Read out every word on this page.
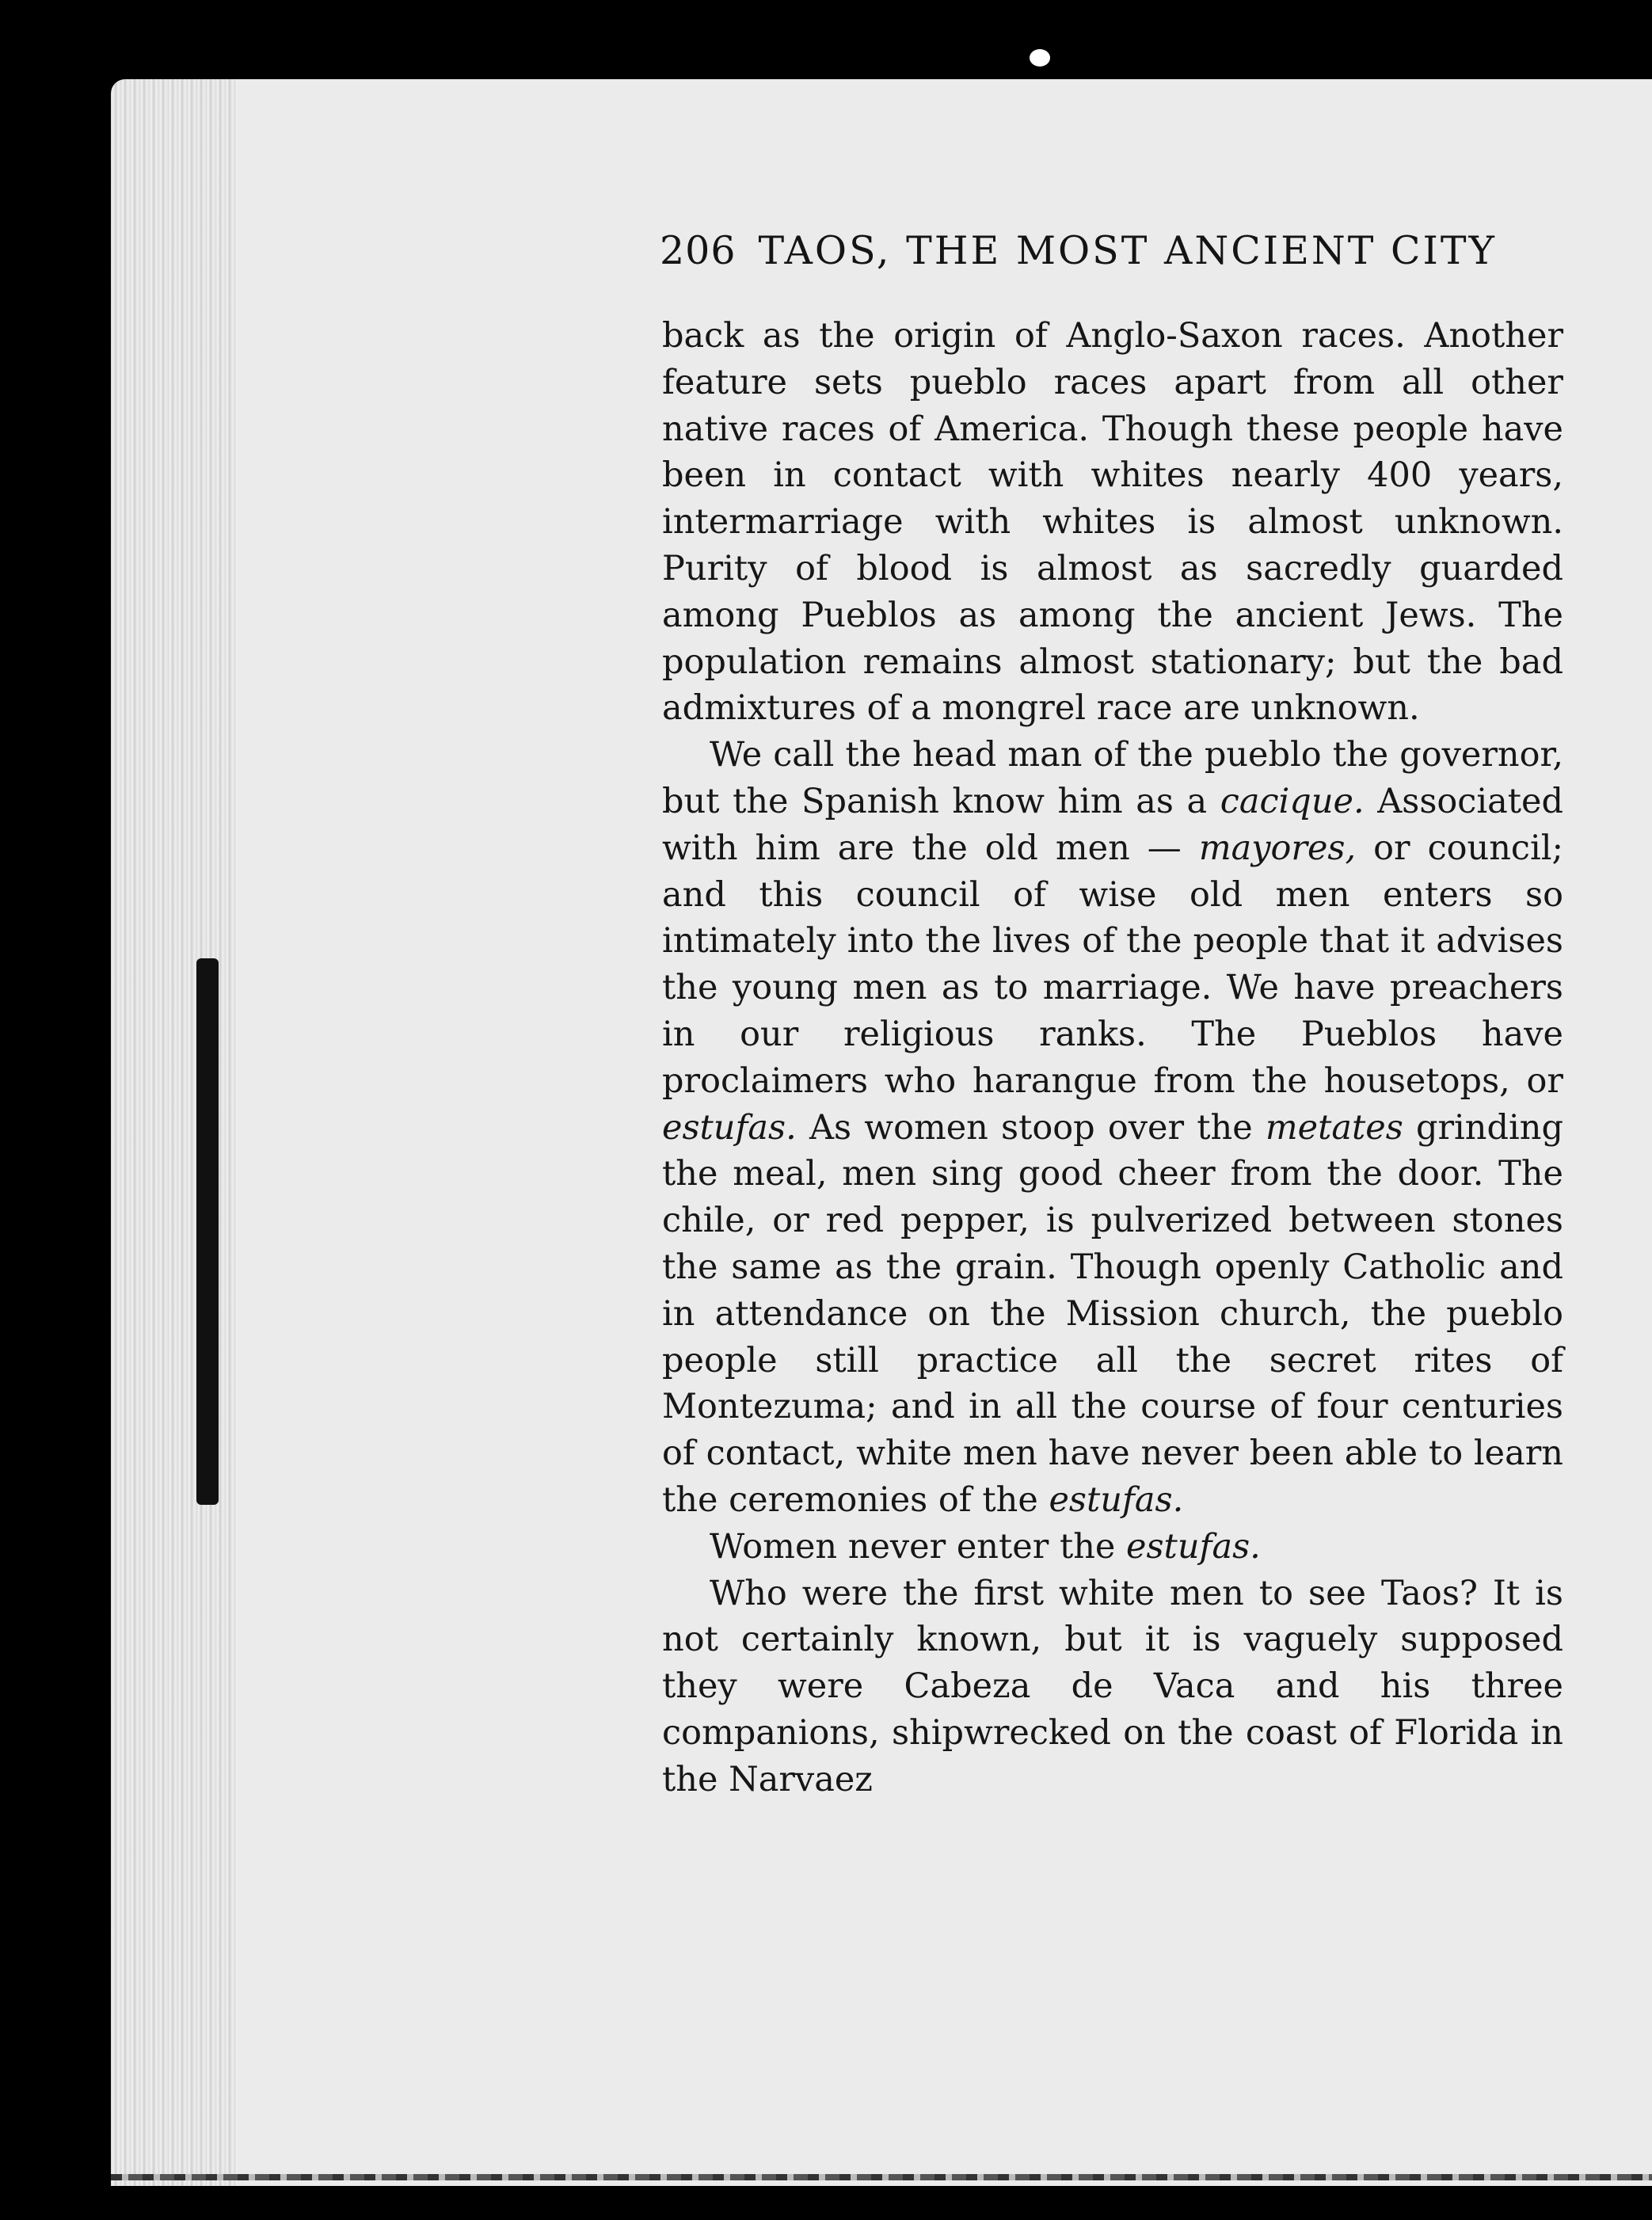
206 TAOS, THE MOST ANCIENT CITY

back as the origin of Anglo-Saxon races. Another feature sets pueblo races apart from all other native races of America. Though these people have been in contact with whites nearly 400 years, intermarriage with whites is almost unknown. Purity of blood is almost as sacredly guarded among Pueblos as among the ancient Jews. The population remains almost stationary; but the bad admixtures of a mongrel race are unknown.

We call the head man of the pueblo the governor, but the Spanish know him as a cacique. Associated with him are the old men — mayores, or council; and this council of wise old men enters so intimately into the lives of the people that it advises the young men as to marriage. We have preachers in our religious ranks. The Pueblos have proclaimers who harangue from the housetops, or estufas. As women stoop over the metates grinding the meal, men sing good cheer from the door. The chile, or red pepper, is pulverized between stones the same as the grain. Though openly Catholic and in attendance on the Mission church, the pueblo people still practice all the secret rites of Montezuma; and in all the course of four centuries of contact, white men have never been able to learn the ceremonies of the estufas.

Women never enter the estufas.

Who were the first white men to see Taos? It is not certainly known, but it is vaguely supposed they were Cabeza de Vaca and his three companions, shipwrecked on the coast of Florida in the Narvaez
